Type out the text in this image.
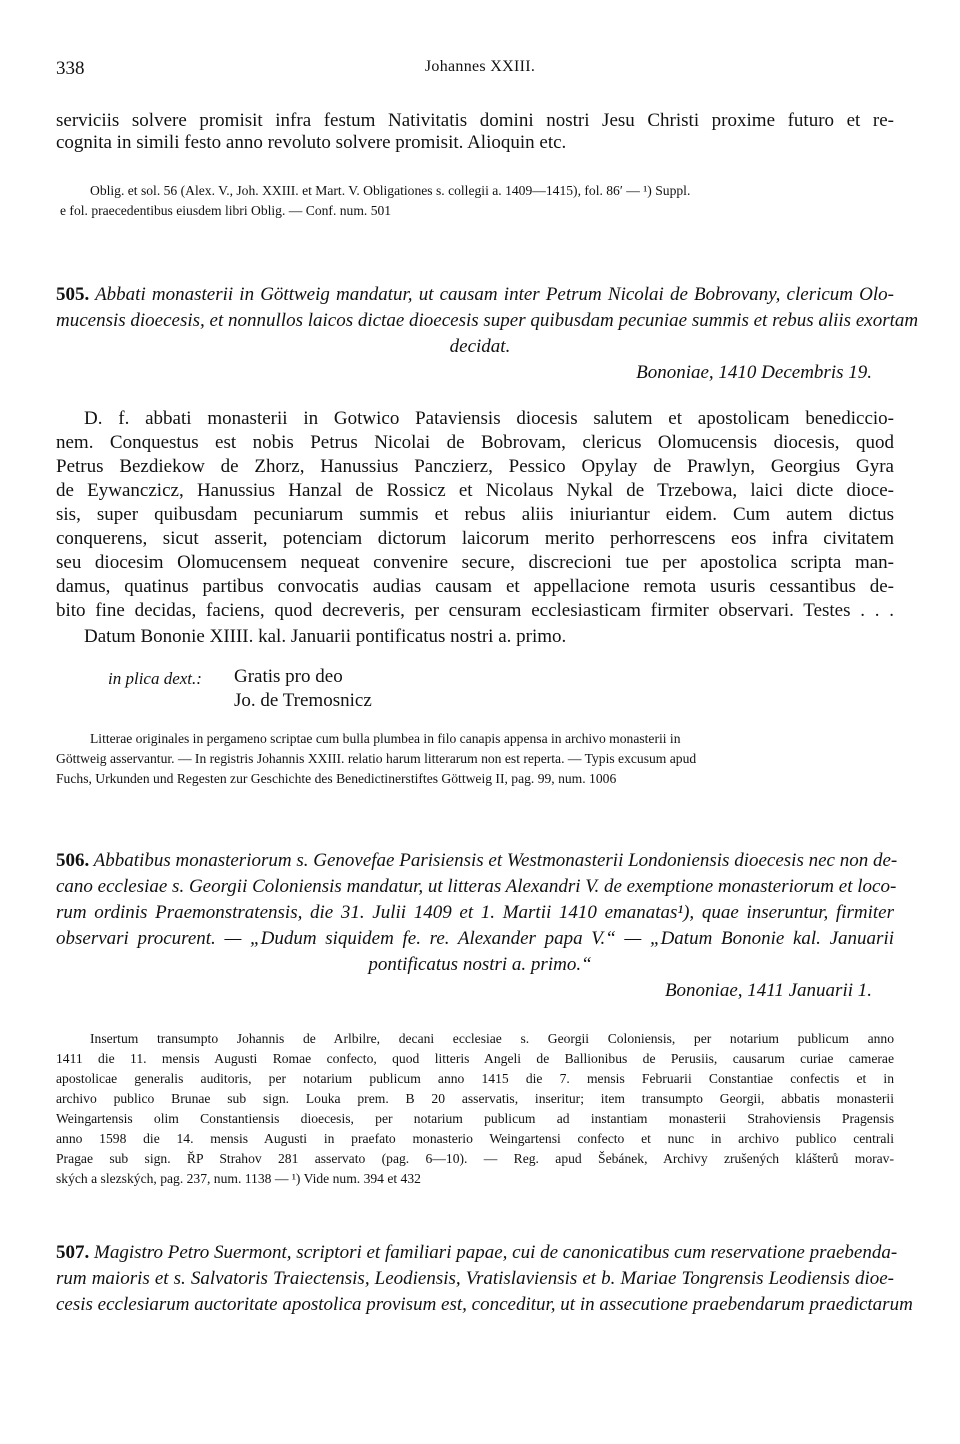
338	Johannes XXIII.
serviciis solvere promisit infra festum Nativitatis domini nostri Jesu Christi proxime futuro et re-
cognita in simili festo anno revoluto solvere promisit. Alioquin etc.
Oblig. et sol. 56 (Alex. V., Joh. XXIII. et Mart. V. Obligationes s. collegii a. 1409—1415), fol. 86′ — ¹) Suppl.
e fol. praecedentibus eiusdem libri Oblig. — Conf. num. 501
505. Abbati monasterii in Göttweig mandatur, ut causam inter Petrum Nicolai de Bobrovany, clericum Olo-
mucensis dioecesis, et nonnullos laicos dictae dioecesis super quibusdam pecuniae summis et rebus aliis exortam
decidat.
Bononiae, 1410 Decembris 19.
D. f. abbati monasterii in Gotwico Pataviensis diocesis salutem et apostolicam benediccio-
nem. Conquestus est nobis Petrus Nicolai de Bobrovam, clericus Olomucensis diocesis, quod
Petrus Bezdiekow de Zhorz, Hanussius Panczierz, Pessico Opylay de Prawlyn, Georgius Gyra
de Eywanczicz, Hanussius Hanzal de Rossicz et Nicolaus Nykal de Trzebowa, laici dicte dioce-
sis, super quibusdam pecuniarum summis et rebus aliis iniuriantur eidem. Cum autem dictus
conquerens, sicut asserit, potenciam dictorum laicorum merito perhorrescens eos infra civitatem
seu diocesim Olomucensem nequeat convenire secure, discrecioni tue per apostolica scripta man-
damus, quatinus partibus convocatis audias causam et appellacione remota usuris cessantibus de-
bito fine decidas, faciens, quod decreveris, per censuram ecclesiasticam firmiter observari. Testes . . .
Datum Bononie XIIII. kal. Januarii pontificatus nostri a. primo.
in plica dext.: Gratis pro deo
Jo. de Tremosnicz
Litterae originales in pergameno scriptae cum bulla plumbea in filo canapis appensa in archivo monasterii in
Göttweig asservantur. — In registris Johannis XXIII. relatio harum litterarum non est reperta. — Typis excusum apud
Fuchs, Urkunden und Regesten zur Geschichte des Benedictinerstiftes Göttweig II, pag. 99, num. 1006
506. Abbatibus monasteriorum s. Genovefae Parisiensis et Westmonasterii Londoniensis dioecesis nec non de-
cano ecclesiae s. Georgii Coloniensis mandatur, ut litteras Alexandri V. de exemptione monasteriorum et loco-
rum ordinis Praemonstratensis, die 31. Julii 1409 et 1. Martii 1410 emanatas¹), quae inseruntur, firmiter
observari procurent. — „Dudum siquidem fe. re. Alexander papa V.“ — „Datum Bononie kal. Januarii
pontificatus nostri a. primo.“
Bononiae, 1411 Januarii 1.
Insertum transumpto Johannis de Arlbilre, decani ecclesiae s. Georgii Coloniensis, per notarium publicum anno
1411 die 11. mensis Augusti Romae confecto, quod litteris Angeli de Ballionibus de Perusiis, causarum curiae camerae
apostolicae generalis auditoris, per notarium publicum anno 1415 die 7. mensis Februarii Constantiae confectis et in
archivo publico Brunae sub sign. Louka prem. B 20 asservatis, inseritur; item transumpto Georgii, abbatis monasterii
Weingartensis olim Constantiensis dioecesis, per notarium publicum ad instantiam monasterii Strahoviensis Pragensis
anno 1598 die 14. mensis Augusti in praefato monasterio Weingartensi confecto et nunc in archivo publico centrali
Pragae sub sign. ŘP Strahov 281 asservato (pag. 6—10). — Reg. apud Šebánek, Archivy zrušených klášterů morav-
ských a slezských, pag. 237, num. 1138 — ¹) Vide num. 394 et 432
507. Magistro Petro Suermont, scriptori et familiari papae, cui de canonicatibus cum reservatione praebenda-
rum maioris et s. Salvatoris Traiectensis, Leodiensis, Vratislaviensis et b. Mariae Tongrensis Leodiensis dioe-
cesis ecclesiarum auctoritate apostolica provisum est, conceditur, ut in assecutione praebendarum praedictarum
